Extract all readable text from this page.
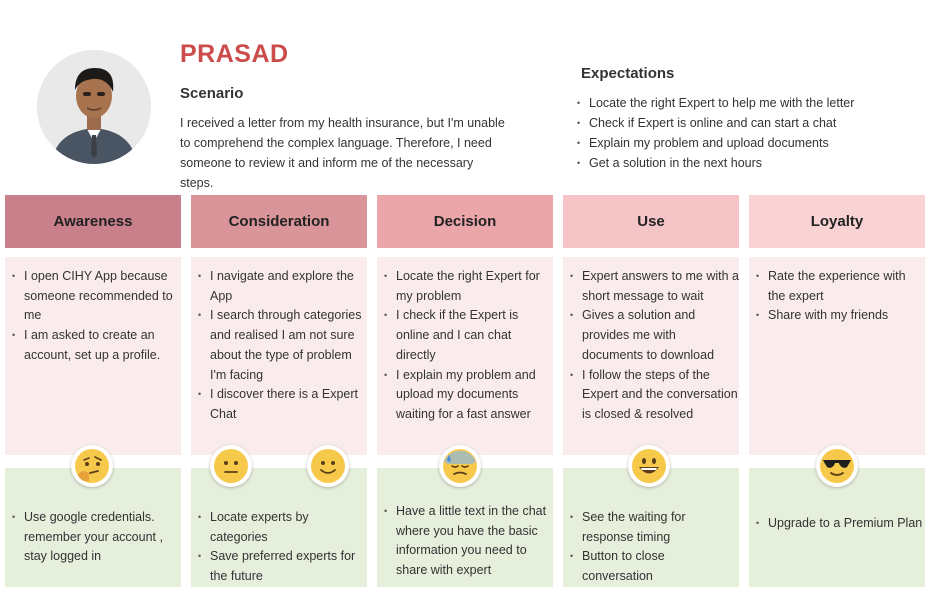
PRASAD
Scenario
I received a letter from my health insurance, but I'm unable to comprehend the complex language. Therefore, I need someone to review it and inform me of the necessary steps.
Expectations
• Locate the right Expert to help me with the letter
• Check if Expert is online and can start a chat
• Explain my problem and upload documents
• Get a solution in the next hours
Awareness
• I open CIHY App because someone recommended to me
• I am asked to create an account, set up a profile.
• Use google credentials. remember your account , stay logged in
Consideration
• I navigate and explore the App
• I search through categories and realised I am not sure about the type of problem I'm facing
• I discover there is a Expert Chat
• Locate experts by categories
• Save preferred experts for the future
Decision
• Locate the right Expert for my problem
• I check if the Expert is online and I can chat directly
• I explain my problem and upload my documents waiting for a fast answer
• Have a little text in the chat where you have the basic information you need to share with expert
Use
• Expert answers to me with a short message to wait
• Gives a solution and provides me with documents to download
• I follow the steps of the Expert and the conversation is closed & resolved
• See the waiting for response timing
• Button to close conversation
Loyalty
• Rate the experience with the expert
• Share with my friends
• Upgrade to a Premium Plan
